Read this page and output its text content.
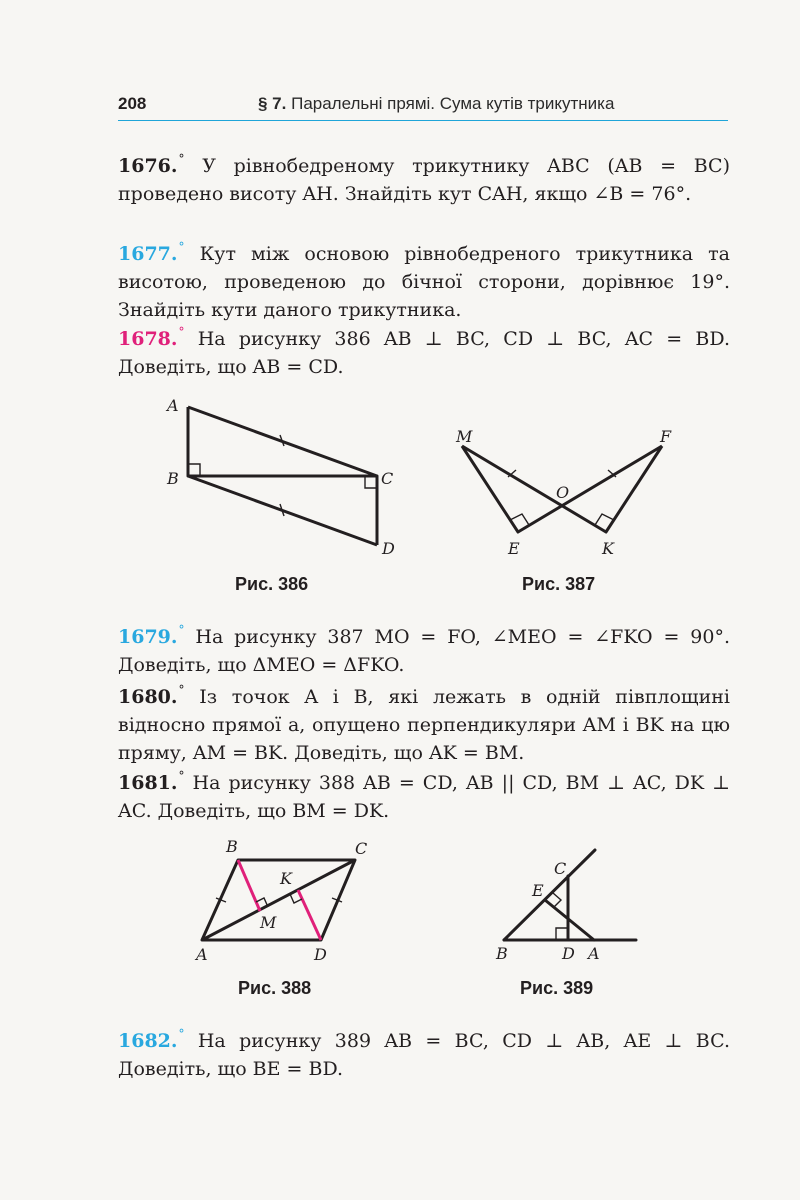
208	§ 7. Паралельні прямі. Сума кутів трикутника
1676.° У рівнобедреному трикутнику ABC (AB = BC) проведено висоту AH. Знайдіть кут CAH, якщо ∠B = 76°.
1677.° Кут між основою рівнобедреного трикутника та висотою, проведеною до бічної сторони, дорівнює 19°. Знайдіть кути даного трикутника.
1678.° На рисунку 386 AB ⊥ BC, CD ⊥ BC, AC = BD. Доведіть, що AB = CD.
A
B	C
D
Рис. 386
M	F
O
E	K
Рис. 387
1679.° На рисунку 387 MO = FO, ∠MEO = ∠FKO = 90°. Доведіть, що ΔMEO = ΔFKO.
1680.° Із точок A і B, які лежать в одній півплощині відносно прямої a, опущено перпендикуляри AM і BK на цю пряму, AM = BK. Доведіть, що AK = BM.
1681.° На рисунку 388 AB = CD, AB || CD, BM ⊥ AC, DK ⊥ AC. Доведіть, що BM = DK.
B	C
K
M
A	D
Рис. 388
C
E
B	D A
Рис. 389
1682.° На рисунку 389 AB = BC, CD ⊥ AB, AE ⊥ BC. Доведіть, що BE = BD.
